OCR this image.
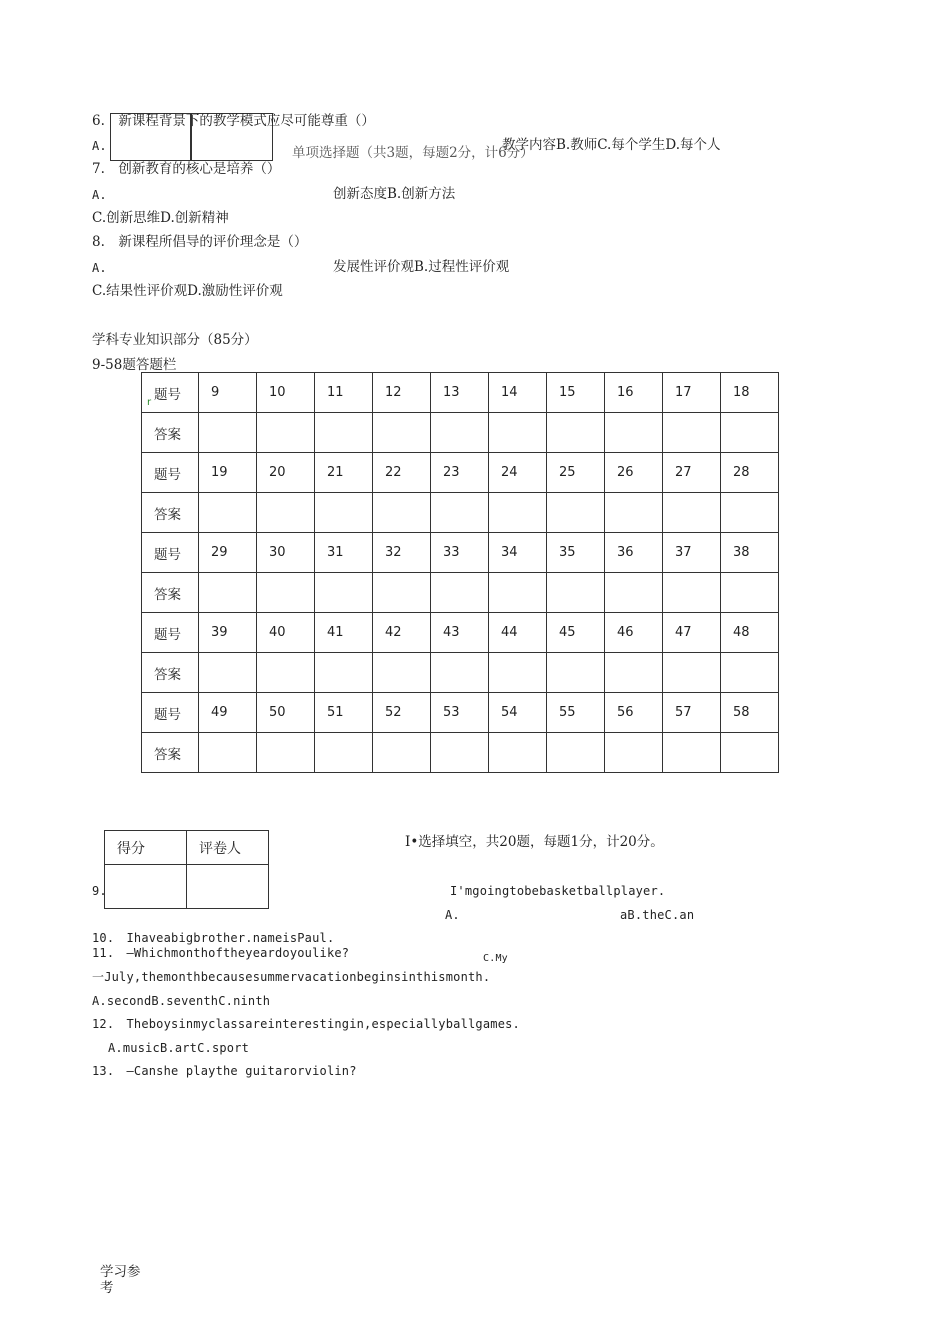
6.　新课程背景下的教学模式应尽可能尊重（）
A.	教学内容B.教师C.每个学生D.每个人
单项选择题（共3题，每题2分，计6分）
7.　创新教育的核心是培养（）
A.	创新态度B.创新方法
C.创新思维D.创新精神
8.　新课程所倡导的评价理念是（）
A.	发展性评价观B.过程性评价观
C.结果性评价观D.激励性评价观
学科专业知识部分（85分）
9-58题答题栏
题号	9	10	11	12	13	14	15	16	17	18
答案										
题号	19	20	21	22	23	24	25	26	27	28
答案										
题号	29	30	31	32	33	34	35	36	37	38
答案										
题号	39	40	41	42	43	44	45	46	47	48
答案										
题号	49	50	51	52	53	54	55	56	57	58
答案										
r
得分	评卷人
		I•选择填空，共20题，每题1分，计20分。
9.	I'mgoingtobebasketballplayer.
A.	aB.theC.an
10.　Ihaveabigbrother.nameisPaul.
11.　—Whichmonthoftheyeardoyoulike?	C.My
一July,themonthbecausesummervacationbeginsinthismonth.
A.secondB.seventhC.ninth
12.　Theboysinmyclassareinterestingin,especiallyballgames.
A.musicB.artC.sport
13.　—Canshe playthe guitarorviolin?
学习参
考
